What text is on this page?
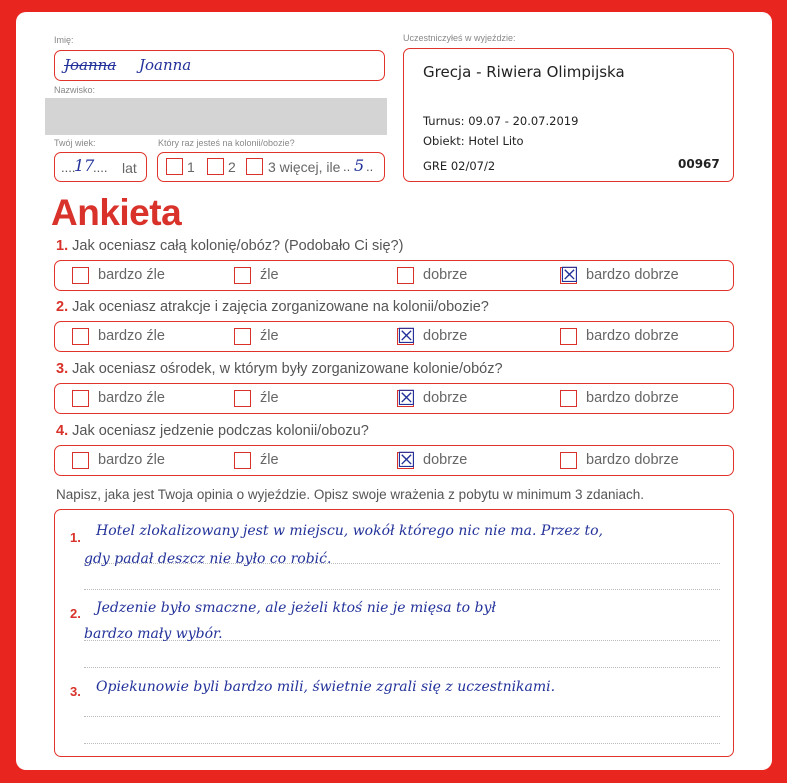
Imię:
Joanna Joanna
Nazwisko:
Twój wiek:
....
17
.... lat
Który raz jesteś na kolonii/obozie?
1 2 3 więcej, ile .. 5 ..
Uczestniczyłeś w wyjeździe:
Grecja - Riwiera Olimpijska
Turnus: 09.07 - 20.07.2019
Obiekt: Hotel Lito
GRE 02/07/2	00967
Ankieta
1. Jak oceniasz całą kolonię/obóz? (Podobało Ci się?)
bardzo źle	źle	dobrze	☒ bardzo dobrze
2. Jak oceniasz atrakcje i zajęcia zorganizowane na kolonii/obozie?
bardzo źle	źle	☒ dobrze	bardzo dobrze
3. Jak oceniasz ośrodek, w którym były zorganizowane kolonie/obóz?
bardzo źle	źle	☒ dobrze	bardzo dobrze
4. Jak oceniasz jedzenie podczas kolonii/obozu?
bardzo źle	źle	☒ dobrze	bardzo dobrze
Napisz, jaka jest Twoja opinia o wyjeździe. Opisz swoje wrażenia z pobytu w minimum 3 zdaniach.
1. Hotel zlokalizowany jest w miejscu, wokół którego nic nie ma. Przez to,
gdy padał deszcz nie było co robić.
2. Jedzenie było smaczne, ale jeżeli ktoś nie je mięsa to był
bardzo mały wybór.
3. Opiekunowie byli bardzo mili, świetnie zgrali się z uczestnikami.
